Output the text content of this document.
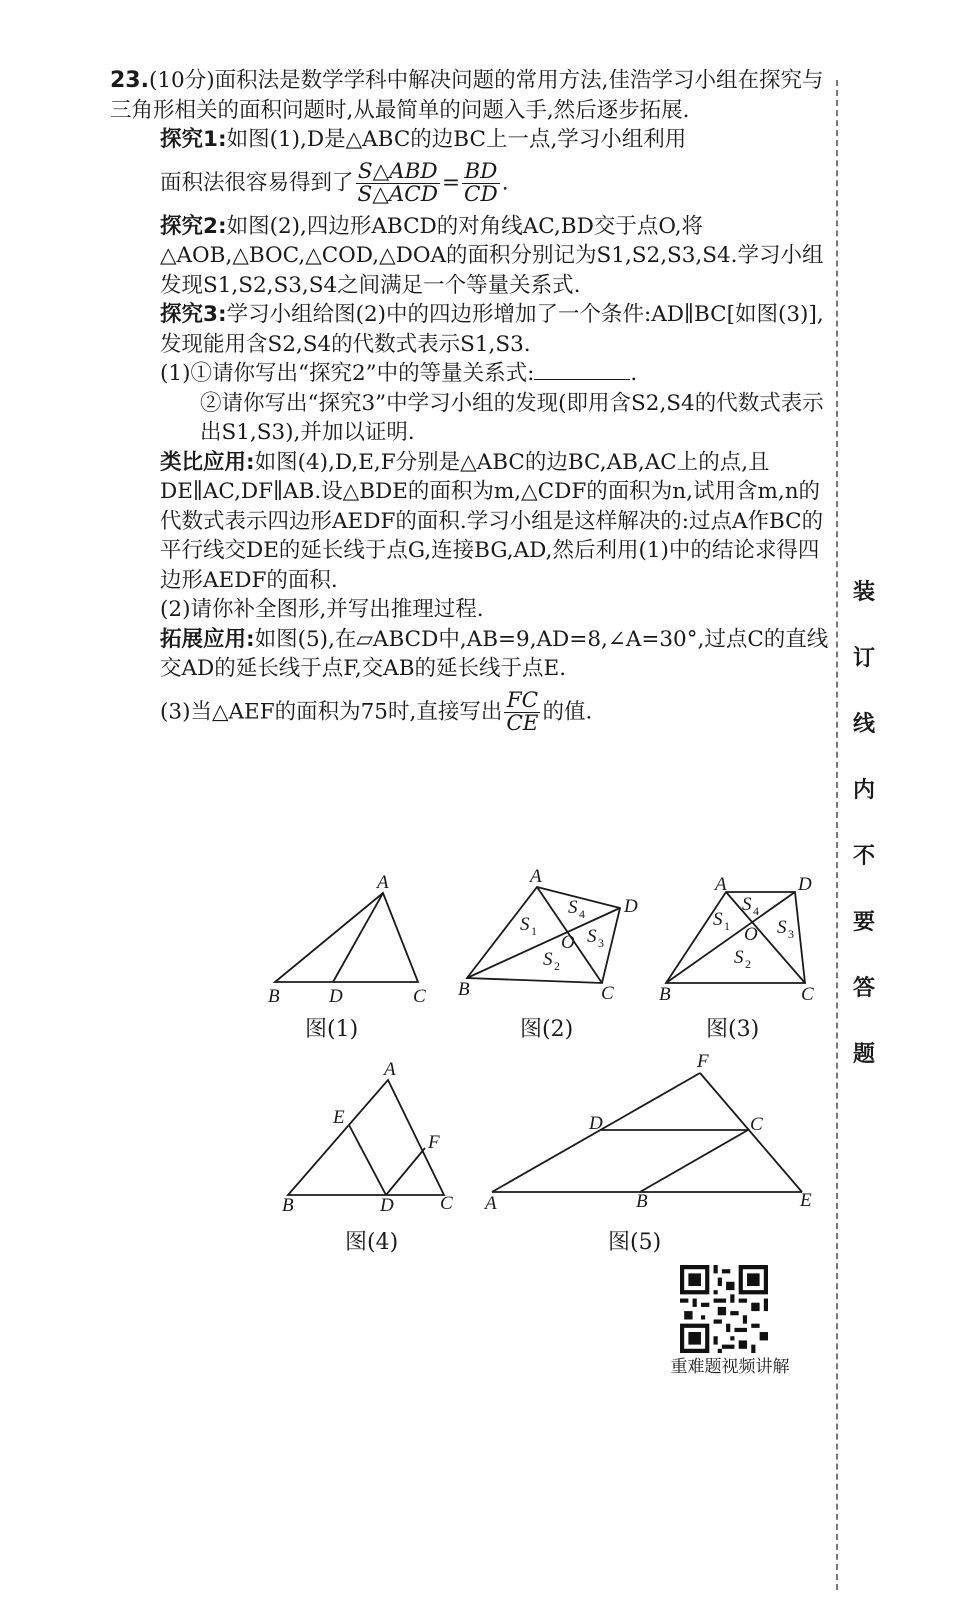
23.(10分)面积法是数学学科中解决问题的常用方法,佳浩学习小组在探究与三角形相关的面积问题时,从最简单的问题入手,然后逐步拓展.

探究1:如图(1),D是△ABC的边BC上一点,学习小组利用

面积法很容易得到了 $\frac{\text{S△ABD}}{\text{S△ACD}} = \frac{BD}{CD}$ .

探究2:如图(2),四边形ABCD的对角线AC,BD交于点O,将△AOB,△BOC,△COD,△DOA的面积分别记为S1,S2,S3,S4.学习小组发现S1,S2,S3,S4之间满足一个等量关系式.

探究3:学习小组给图(2)中的四边形增加了一个条件:AD∥BC[如图(3)],发现能用含S2,S4的代数式表示S1,S3.

(1)①请你写出“探究2”中的等量关系式:	.

②请你写出“探究3”中学习小组的发现(即用含S2,S4的代数式表示出S1,S3),并加以证明.

类比应用:如图(4),D,E,F分别是△ABC的边BC,AB,AC上的点,且DE∥AC,DF∥AB.设△BDE的面积为m,△CDF的面积为n,试用含m,n的代数式表示四边形AEDF的面积.学习小组是这样解决的:过点A作BC的平行线交DE的延长线于点G,连接BG,AD,然后利用(1)中的结论求得四边形AEDF的面积.

(2)请你补全图形,并写出推理过程.

拓展应用:如图(5),在▱ABCD中,AB=9,AD=8,∠A=30°,过点C的直线交AD的延长线于点F,交AB的延长线于点E.

(3)当△AEF的面积为75时,直接写出 $\frac{FC}{CE}$ 的值.

A
B	D	C
图(1)
A
D
B	C
O
S
S
S
S
1
4
3
2
图(2)
A	D
B	C
O
S
S
S
S
1
4
3
2
图(3)
A
E
F
B	D C
图(4)
F
D	C
A	B	E
图(5)
装
订
线
内
不
要
答
题
重难题视频讲解
